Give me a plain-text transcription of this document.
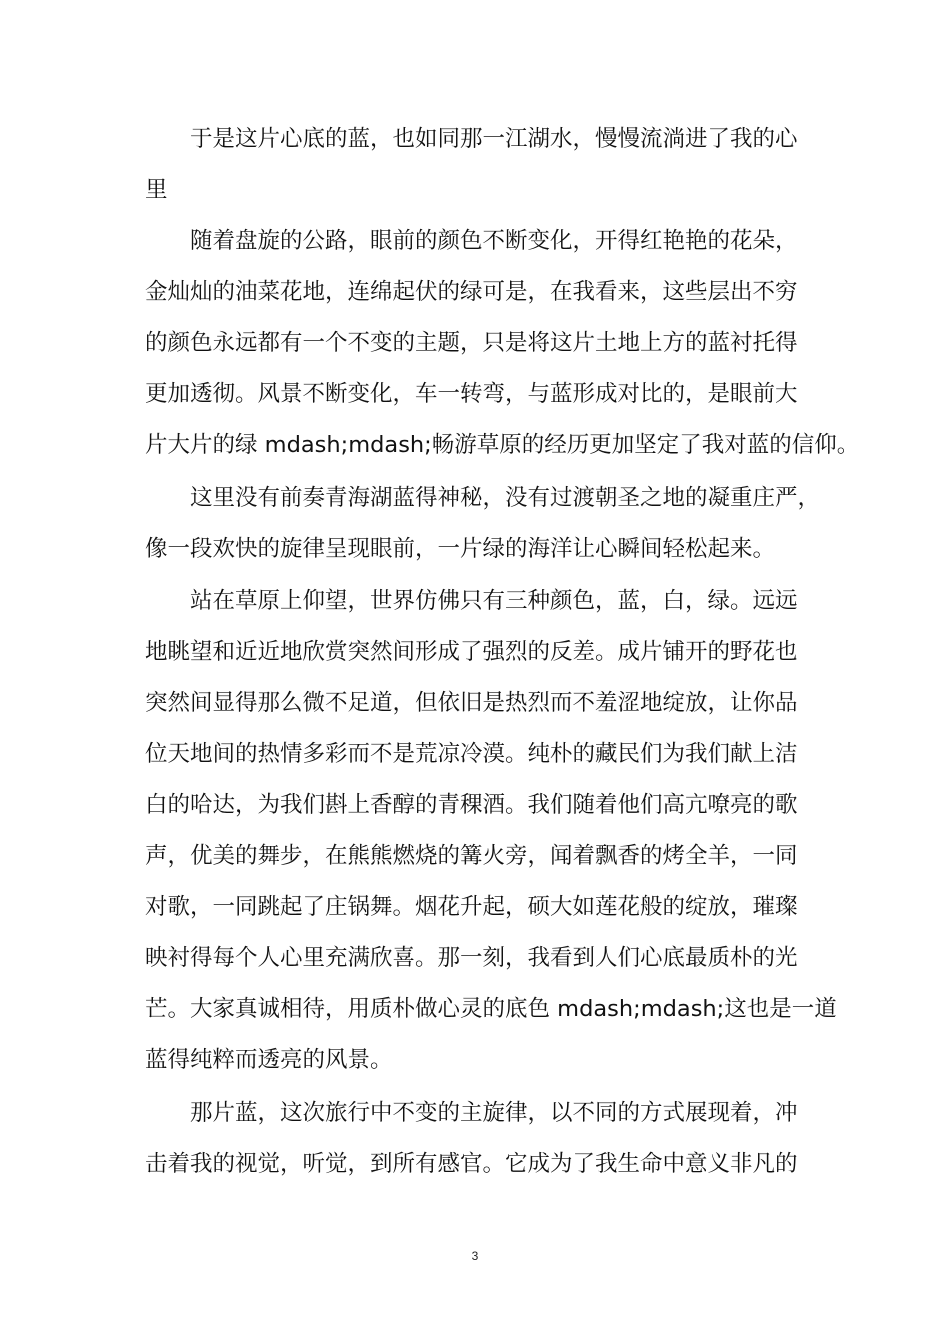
于是这片心底的蓝，也如同那一江湖水，慢慢流淌进了我的心

里

随着盘旋的公路，眼前的颜色不断变化，开得红艳艳的花朵，

金灿灿的油菜花地，连绵起伏的绿可是，在我看来，这些层出不穷

的颜色永远都有一个不变的主题，只是将这片土地上方的蓝衬托得

更加透彻。风景不断变化，车一转弯，与蓝形成对比的，是眼前大

片大片的绿 mdash;mdash;畅游草原的经历更加坚定了我对蓝的信仰。

这里没有前奏青海湖蓝得神秘，没有过渡朝圣之地的凝重庄严，

像一段欢快的旋律呈现眼前，一片绿的海洋让心瞬间轻松起来。

站在草原上仰望，世界仿佛只有三种颜色，蓝，白，绿。远远

地眺望和近近地欣赏突然间形成了强烈的反差。成片铺开的野花也

突然间显得那么微不足道，但依旧是热烈而不羞涩地绽放，让你品

位天地间的热情多彩而不是荒凉冷漠。纯朴的藏民们为我们献上洁

白的哈达，为我们斟上香醇的青稞酒。我们随着他们高亢嘹亮的歌

声，优美的舞步，在熊熊燃烧的篝火旁，闻着飘香的烤全羊，一同

对歌，一同跳起了庄锅舞。烟花升起，硕大如莲花般的绽放，璀璨

映衬得每个人心里充满欣喜。那一刻，我看到人们心底最质朴的光

芒。大家真诚相待，用质朴做心灵的底色 mdash;mdash;这也是一道

蓝得纯粹而透亮的风景。

那片蓝，这次旅行中不变的主旋律，以不同的方式展现着，冲

击着我的视觉，听觉，到所有感官。它成为了我生命中意义非凡的

3
